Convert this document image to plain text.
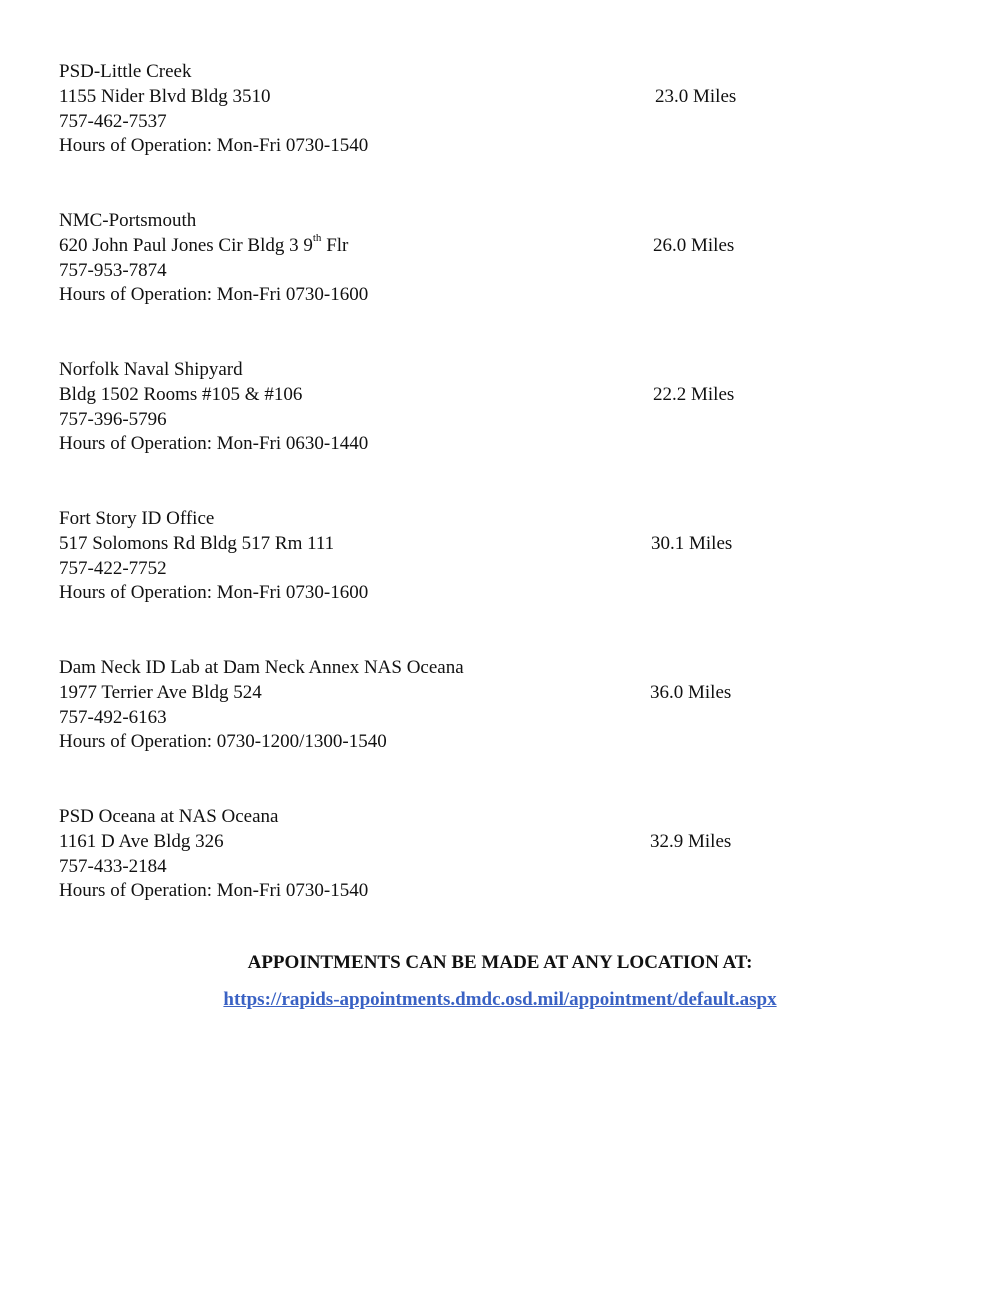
PSD-Little Creek
1155 Nider Blvd Bldg 3510	23.0 Miles
757-462-7537
Hours of Operation: Mon-Fri 0730-1540
NMC-Portsmouth
620 John Paul Jones Cir Bldg 3 9th Flr	26.0 Miles
757-953-7874
Hours of Operation: Mon-Fri 0730-1600
Norfolk Naval Shipyard
Bldg 1502 Rooms #105 & #106	22.2 Miles
757-396-5796
Hours of Operation: Mon-Fri 0630-1440
Fort Story ID Office
517 Solomons Rd Bldg 517 Rm 111	30.1 Miles
757-422-7752
Hours of Operation: Mon-Fri 0730-1600
Dam Neck ID Lab at Dam Neck Annex NAS Oceana
1977 Terrier Ave Bldg 524	36.0 Miles
757-492-6163
Hours of Operation: 0730-1200/1300-1540
PSD Oceana at NAS Oceana
1161 D Ave Bldg 326	32.9 Miles
757-433-2184
Hours of Operation: Mon-Fri 0730-1540
APPOINTMENTS CAN BE MADE AT ANY LOCATION AT:
https://rapids-appointments.dmdc.osd.mil/appointment/default.aspx
